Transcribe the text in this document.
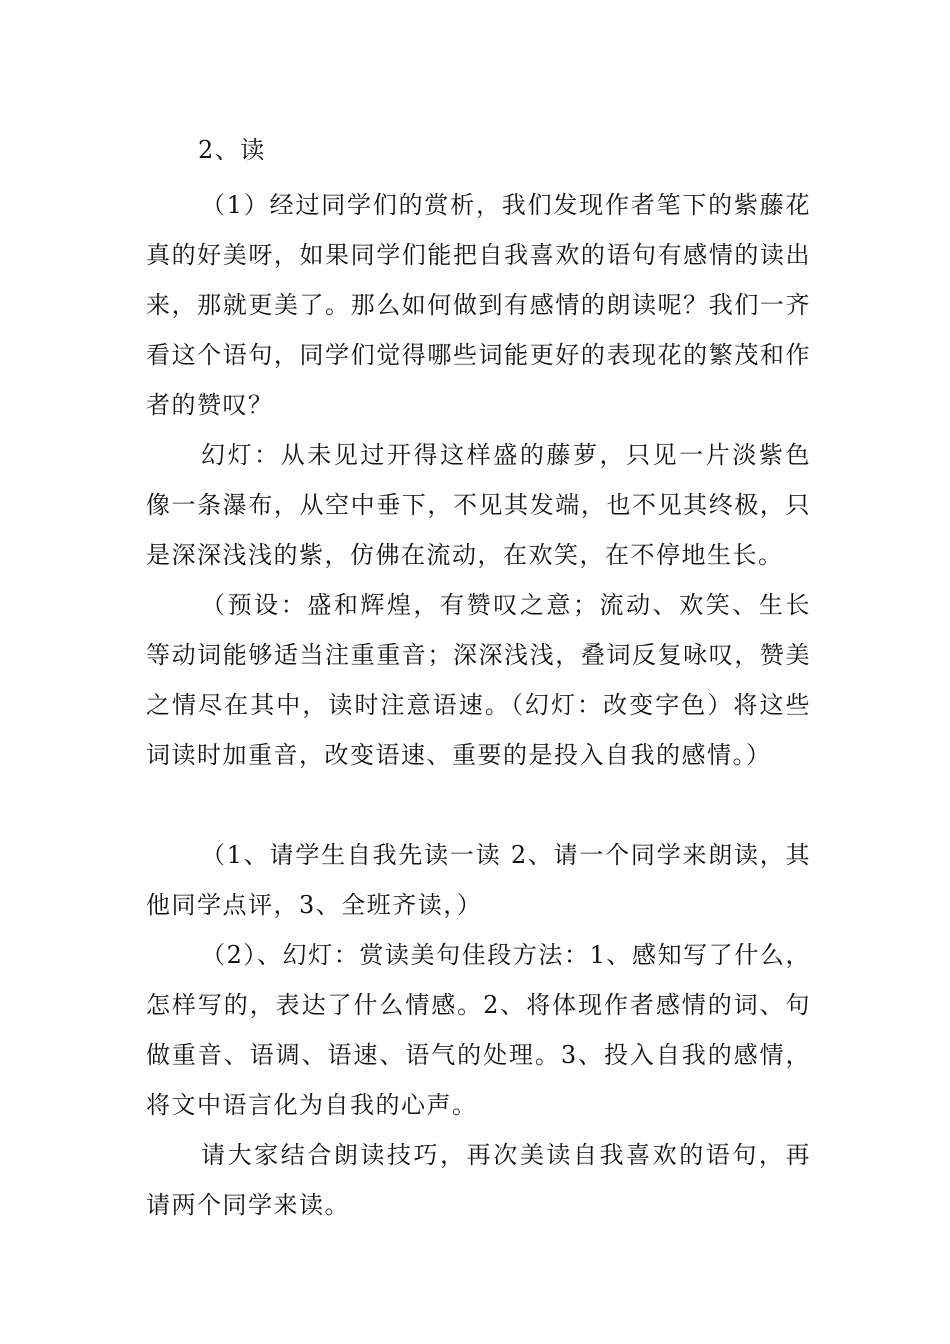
2、读

（1）经过同学们的赏析，我们发现作者笔下的紫藤花真的好美呀，如果同学们能把自我喜欢的语句有感情的读出来，那就更美了。那么如何做到有感情的朗读呢？我们一齐看这个语句，同学们觉得哪些词能更好的表现花的繁茂和作者的赞叹？

幻灯：从未见过开得这样盛的藤萝，只见一片淡紫色像一条瀑布，从空中垂下，不见其发端，也不见其终极，只是深深浅浅的紫，仿佛在流动，在欢笑，在不停地生长。

（预设：盛和辉煌，有赞叹之意；流动、欢笑、生长等动词能够适当注重重音；深深浅浅，叠词反复咏叹，赞美之情尽在其中，读时注意语速。（幻灯：改变字色）将这些词读时加重音，改变语速、重要的是投入自我的感情。）

（1、请学生自我先读一读 2、请一个同学来朗读，其他同学点评，3、全班齐读，）

（2）、幻灯：赏读美句佳段方法：1、感知写了什么，怎样写的，表达了什么情感。2、将体现作者感情的词、句做重音、语调、语速、语气的处理。3、投入自我的感情，将文中语言化为自我的心声。

请大家结合朗读技巧，再次美读自我喜欢的语句，再请两个同学来读。
